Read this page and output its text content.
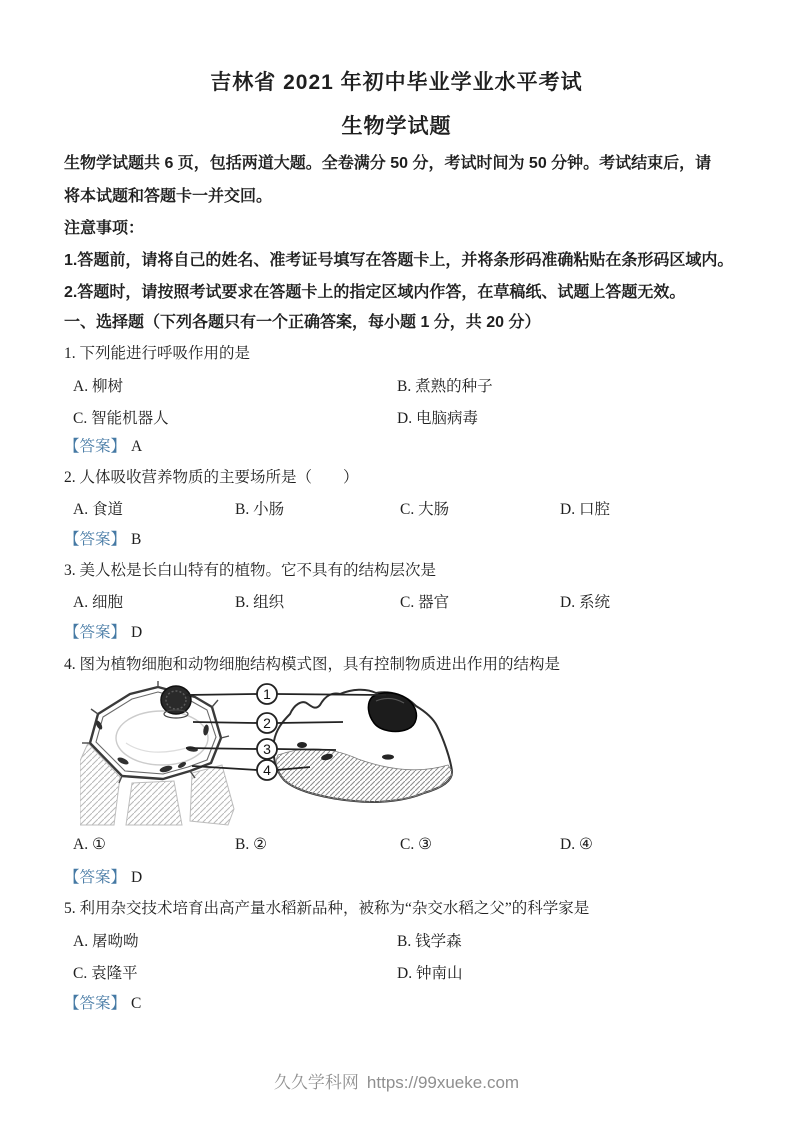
吉林省 2021 年初中毕业学业水平考试
生物学试题
生物学试题共 6 页，包括两道大题。全卷满分 50 分，考试时间为 50 分钟。考试结束后，请
将本试题和答题卡一并交回。
注意事项：
1.答题前，请将自己的姓名、准考证号填写在答题卡上，并将条形码准确粘贴在条形码区域内。
2.答题时，请按照考试要求在答题卡上的指定区域内作答，在草稿纸、试题上答题无效。
一、选择题（下列各题只有一个正确答案，每小题 1 分，共 20 分）
1. 下列能进行呼吸作用的是
A. 柳树	B. 煮熟的种子
C. 智能机器人	D. 电脑病毒
【答案】 A
2. 人体吸收营养物质的主要场所是（　　）
A. 食道	B. 小肠	C. 大肠	D. 口腔
【答案】 B
3. 美人松是长白山特有的植物。它不具有的结构层次是
A. 细胞	B. 组织	C. 器官	D. 系统
【答案】 D
4. 图为植物细胞和动物细胞结构模式图，具有控制物质进出作用的结构是
1
2
3
4
A. ①	B. ②	C. ③	D. ④
【答案】 D
5. 利用杂交技术培育出高产量水稻新品种，被称为“杂交水稻之父”的科学家是
A. 屠呦呦	B. 钱学森
C. 袁隆平	D. 钟南山
【答案】 C
久久学科网 https://99xueke.com
